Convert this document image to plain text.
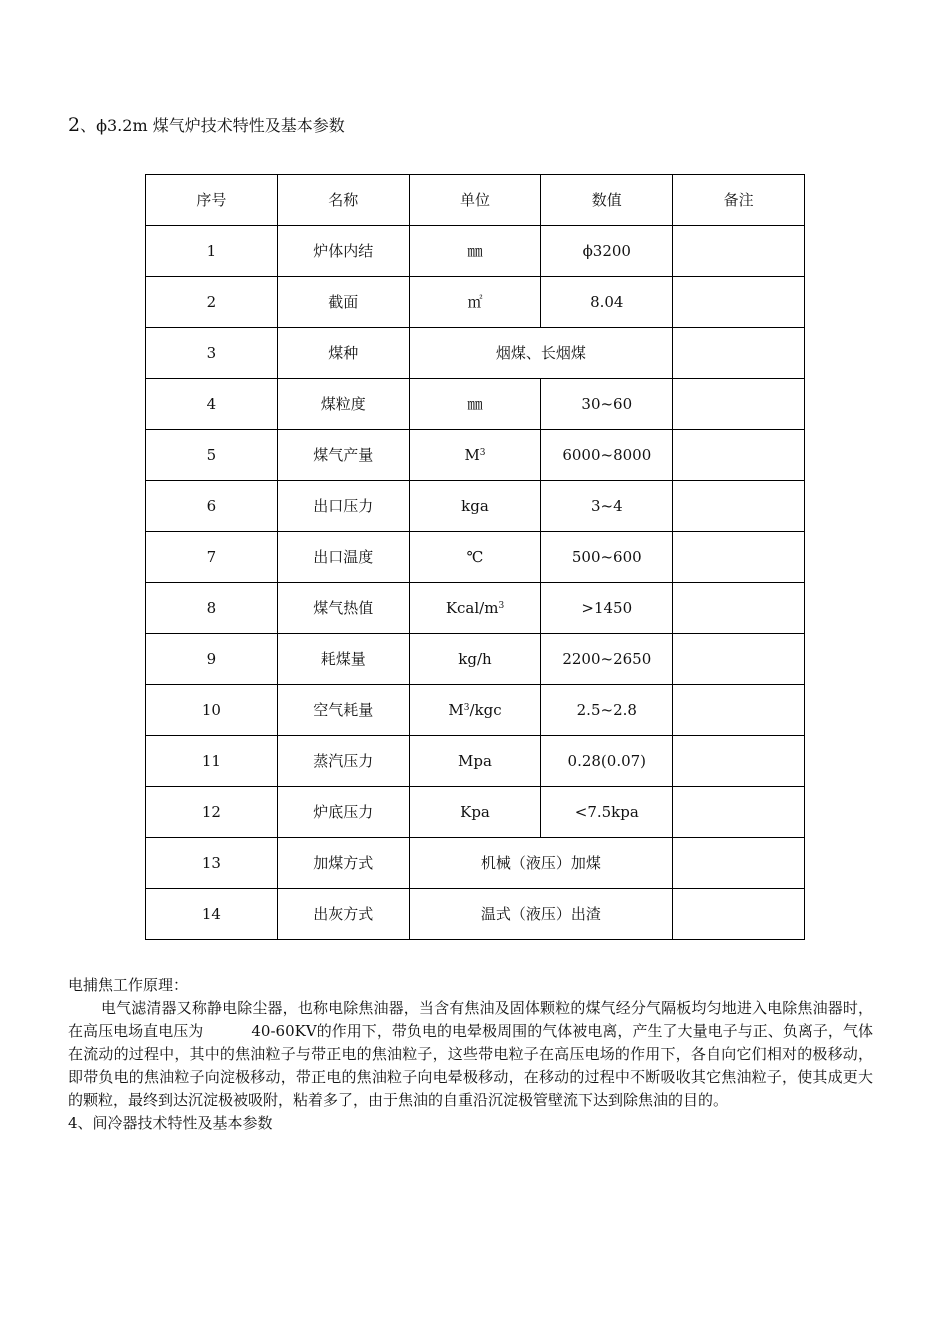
2、ϕ3.2m 煤气炉技术特性及基本参数
序号	名称	单位	数值	备注
1	炉体内结	㎜	ϕ3200	
2	截面	㎡	8.04	
3	煤种	烟煤、长烟煤		
4	煤粒度	㎜	30~60	
5	煤气产量	$M^3$	6000~8000	
6	出口压力	kga	3~4	
7	出口温度	℃	500~600	
8	煤气热值	Kcal/$m^3$	>1450	
9	耗煤量	kg/h	2200~2650	
10	空气耗量	$M^3$/kgc	2.5~2.8	
11	蒸汽压力	Mpa	0.28(0.07)	
12	炉底压力	Kpa	<7.5kpa	
13	加煤方式	机械（液压）加煤		
14	出灰方式	温式（液压）出渣		

电捕焦工作原理：

电气滤清器又称静电除尘器，也称电除焦油器，当含有焦油及固体颗粒的煤气经分气隔板均匀地进入电除焦油器时，在高压电场直电压为          40-60KV的作用下，带负电的电晕极周围的气体被电离，产生了大量电子与正、负离子，气体在流动的过程中，其中的焦油粒子与带正电的焦油粒子，这些带电粒子在高压电场的作用下，各自向它们相对的极移动，即带负电的焦油粒子向淀极移动，带正电的焦油粒子向电晕极移动，在移动的过程中不断吸收其它焦油粒子，使其成更大的颗粒，最终到达沉淀极被吸附，粘着多了，由于焦油的自重沿沉淀极管壁流下达到除焦油的目的。

4、间冷器技术特性及基本参数
